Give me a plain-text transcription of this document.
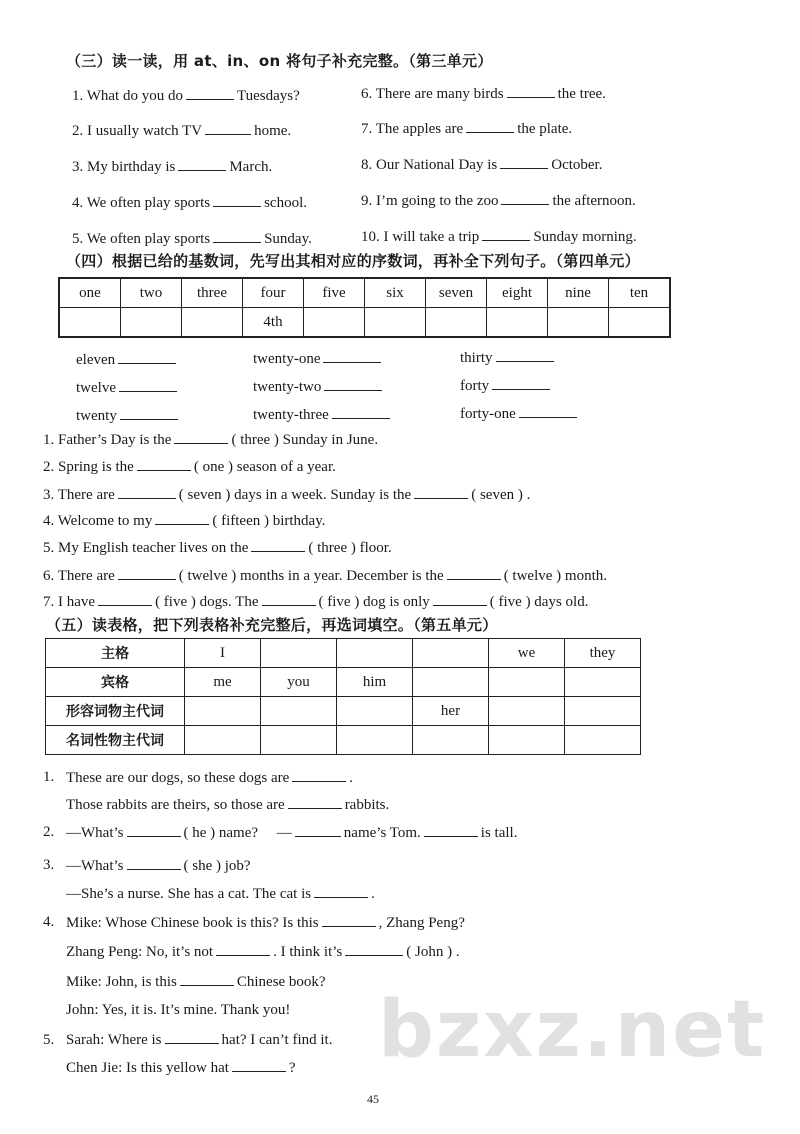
（三）读一读，用 at、in、on 将句子补充完整。（第三单元）
1. What do you do	Tuesdays?
2. I usually watch TV	home.
3. My birthday is	March.
4. We often play sports	school.
5. We often play sports	Sunday.
6. There are many birds	the tree.
7. The apples are	the plate.
8. Our National Day is	October.
9. I’m going to the zoo	the afternoon.
10. I will take a trip	Sunday morning.
（四）根据已给的基数词，先写出其相对应的序数词，再补全下列句子。（第四单元）
one	two	three	four	five	six	seven	eight	nine	ten
			4th						
eleven
twelve
twenty
twenty-one
twenty-two
twenty-three
thirty
forty
forty-one
1. Father’s Day is the	( three ) Sunday in June.
2. Spring is the	( one ) season of a year.
3. There are	( seven ) days in a week. Sunday is the	( seven ) .
4. Welcome to my	( fifteen ) birthday.
5. My English teacher lives on the	( three ) floor.
6. There are	( twelve ) months in a year. December is the	( twelve ) month.
7. I have	( five ) dogs. The	( five ) dog is only	( five ) days old.
（五）读表格，把下列表格补充完整后，再选词填空。（第五单元）
主格	I				we	they
宾格	me	you	him			
形容词物主代词				her		
名词性物主代词						
1. These are our dogs, so these dogs are	.
Those rabbits are theirs, so those are	rabbits.
2. —What’s	( he ) name? —	name’s Tom.	is tall.
3. —What’s	( she ) job?
—She’s a nurse. She has a cat. The cat is	.
4. Mike: Whose Chinese book is this? Is this	, Zhang Peng?
Zhang Peng: No, it’s not	. I think it’s	( John ) .
Mike: John, is this	Chinese book?
John: Yes, it is. It’s mine. Thank you!
5. Sarah: Where is	hat? I can’t find it.
Chen Jie: Is this yellow hat	? bzxz.net
45
